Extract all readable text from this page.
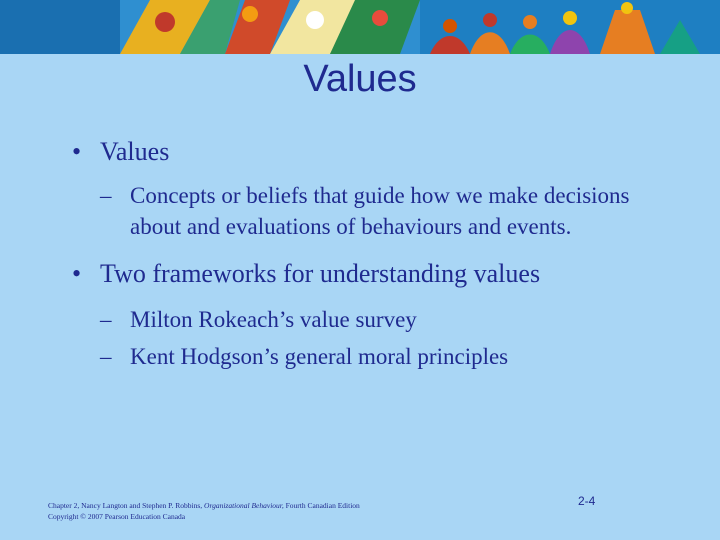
Values
• Values
– Concepts or beliefs that guide how we make decisions about and evaluations of behaviours and events.
• Two frameworks for understanding values
– Milton Rokeach’s value survey
– Kent Hodgson’s general moral principles
Chapter 2, Nancy Langton and Stephen P. Robbins, Organizational Behaviour, Fourth Canadian Edition
Copyright © 2007 Pearson Education Canada
2-4
